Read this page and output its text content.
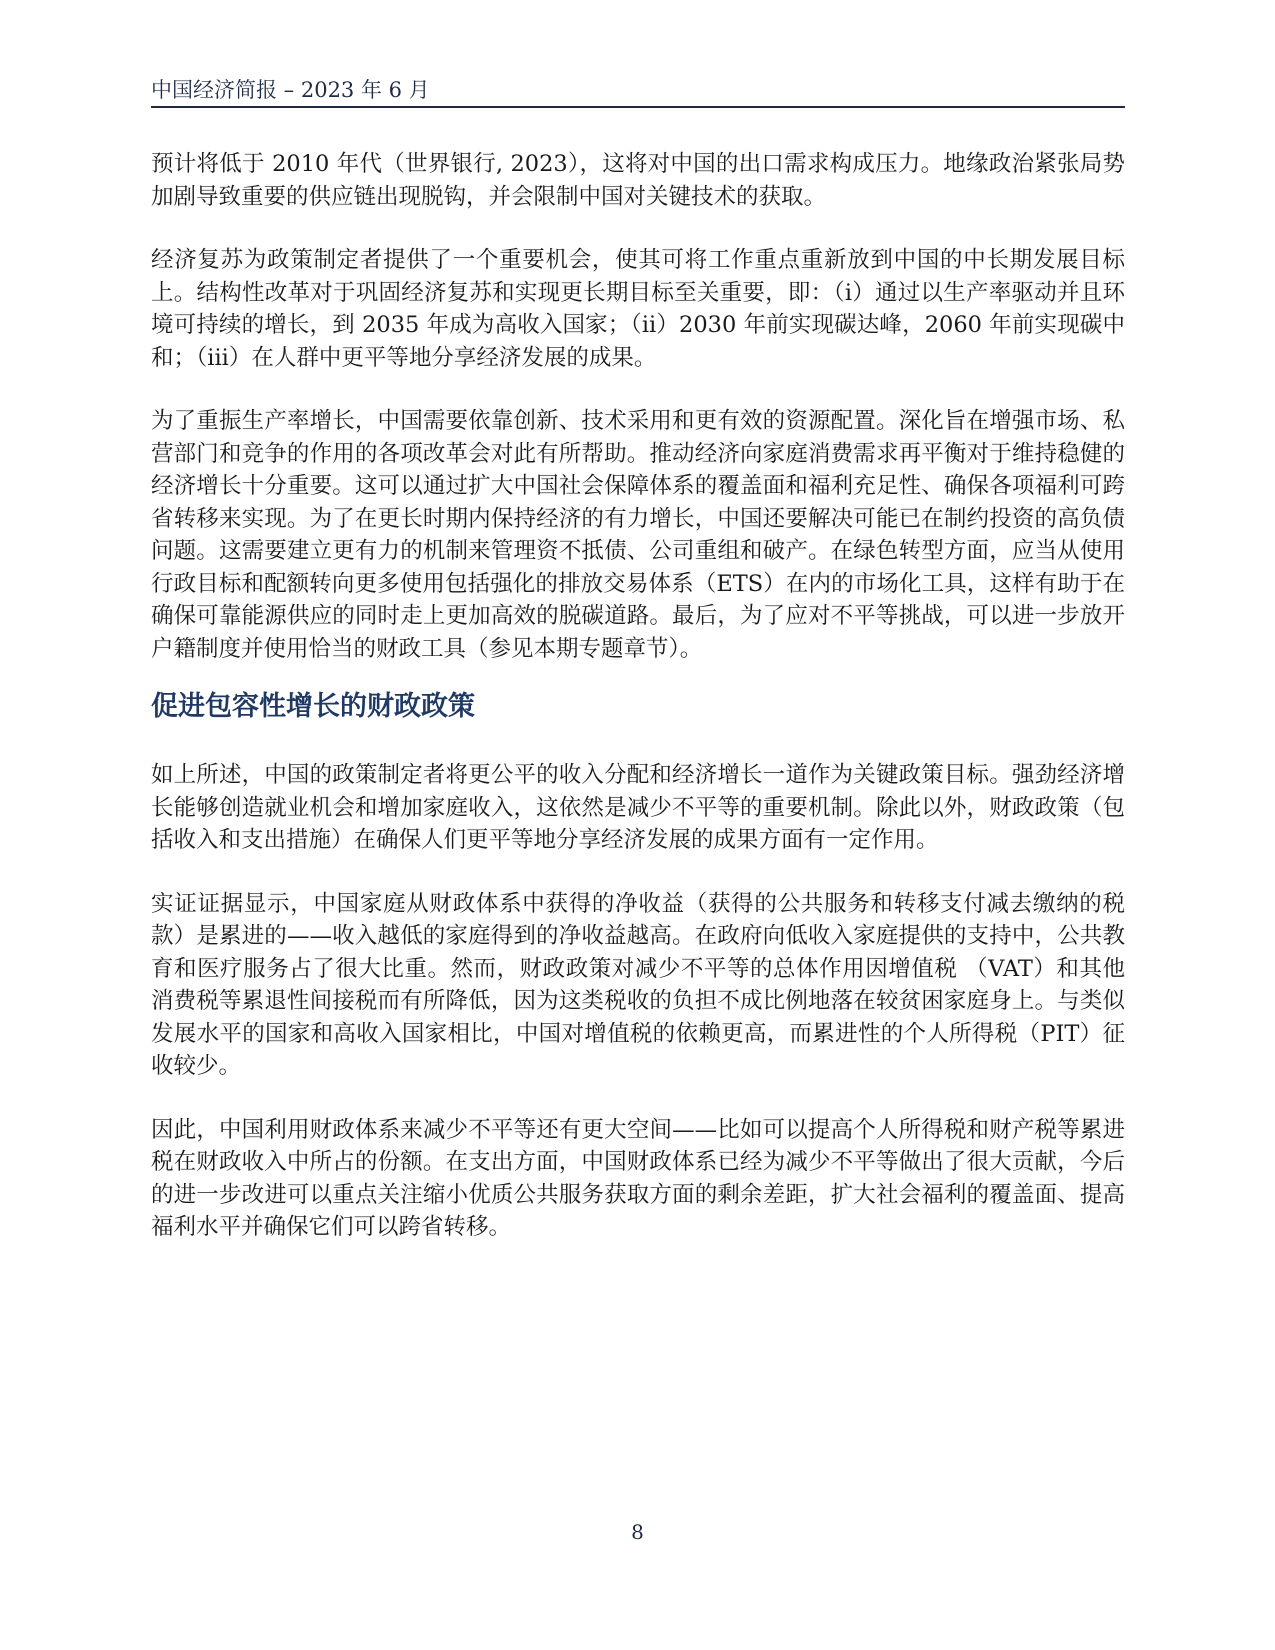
中国经济简报 – 2023 年 6 月

预计将低于 2010 年代（世界银行, 2023），这将对中国的出口需求构成压力。地缘政治紧张局势加剧导致重要的供应链出现脱钩，并会限制中国对关键技术的获取。

经济复苏为政策制定者提供了一个重要机会，使其可将工作重点重新放到中国的中长期发展目标上。结构性改革对于巩固经济复苏和实现更长期目标至关重要，即：（i）通过以生产率驱动并且环境可持续的增长，到 2035 年成为高收入国家；（ii）2030 年前实现碳达峰，2060 年前实现碳中和；（iii）在人群中更平等地分享经济发展的成果。

为了重振生产率增长，中国需要依靠创新、技术采用和更有效的资源配置。深化旨在增强市场、私营部门和竞争的作用的各项改革会对此有所帮助。推动经济向家庭消费需求再平衡对于维持稳健的经济增长十分重要。这可以通过扩大中国社会保障体系的覆盖面和福利充足性、确保各项福利可跨省转移来实现。为了在更长时期内保持经济的有力增长，中国还要解决可能已在制约投资的高负债问题。这需要建立更有力的机制来管理资不抵债、公司重组和破产。在绿色转型方面，应当从使用行政目标和配额转向更多使用包括强化的排放交易体系（ETS）在内的市场化工具，这样有助于在确保可靠能源供应的同时走上更加高效的脱碳道路。最后，为了应对不平等挑战，可以进一步放开户籍制度并使用恰当的财政工具（参见本期专题章节）。

促进包容性增长的财政政策

如上所述，中国的政策制定者将更公平的收入分配和经济增长一道作为关键政策目标。强劲经济增长能够创造就业机会和增加家庭收入，这依然是减少不平等的重要机制。除此以外，财政政策（包括收入和支出措施）在确保人们更平等地分享经济发展的成果方面有一定作用。

实证证据显示，中国家庭从财政体系中获得的净收益（获得的公共服务和转移支付减去缴纳的税款）是累进的——收入越低的家庭得到的净收益越高。在政府向低收入家庭提供的支持中，公共教育和医疗服务占了很大比重。然而，财政政策对减少不平等的总体作用因增值税 （VAT）和其他消费税等累退性间接税而有所降低，因为这类税收的负担不成比例地落在较贫困家庭身上。与类似发展水平的国家和高收入国家相比，中国对增值税的依赖更高，而累进性的个人所得税（PIT）征收较少。

因此，中国利用财政体系来减少不平等还有更大空间——比如可以提高个人所得税和财产税等累进税在财政收入中所占的份额。在支出方面，中国财政体系已经为减少不平等做出了很大贡献，今后的进一步改进可以重点关注缩小优质公共服务获取方面的剩余差距，扩大社会福利的覆盖面、提高福利水平并确保它们可以跨省转移。

8
